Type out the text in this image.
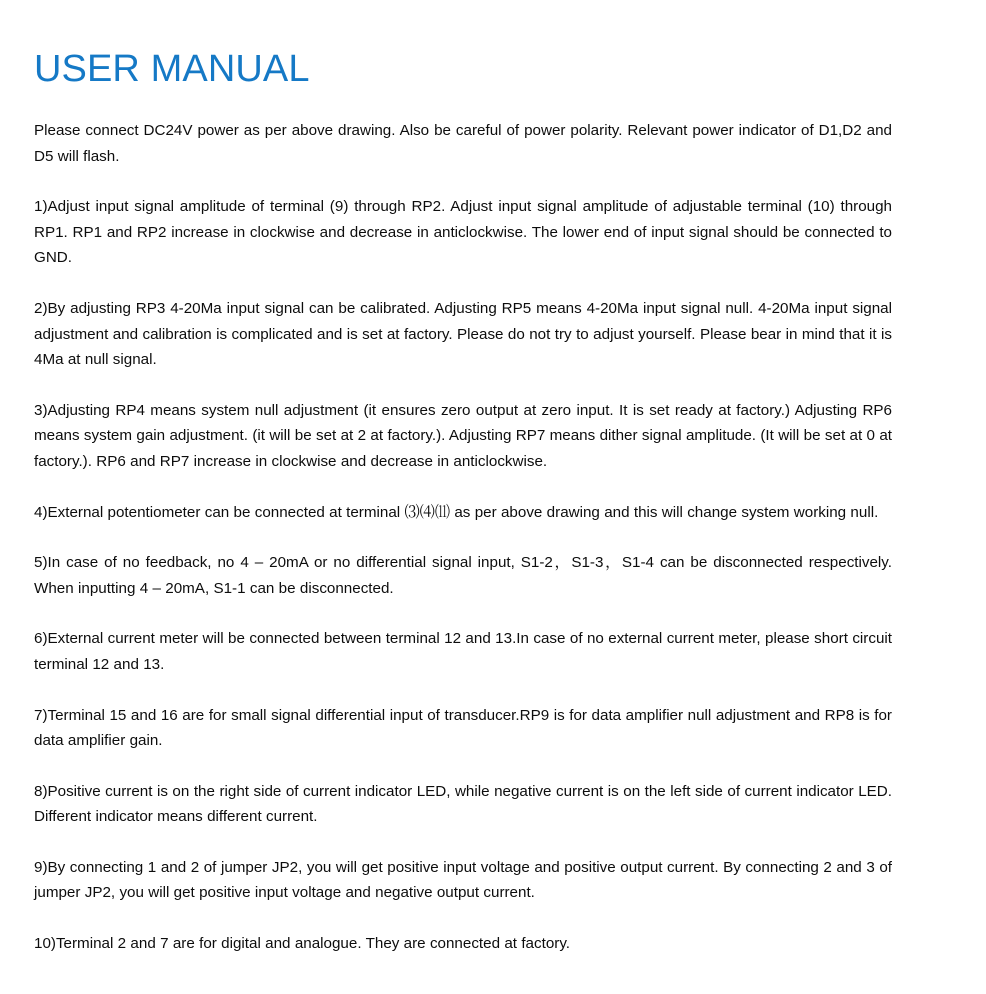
USER MANUAL

Please connect DC24V power as per above drawing. Also be careful of power polarity. Relevant power indicator of D1,D2 and D5 will flash.

1)Adjust input signal amplitude of terminal (9) through RP2. Adjust input signal amplitude of adjustable terminal (10) through RP1. RP1 and RP2 increase in clockwise and decrease in anticlockwise. The lower end of input signal should be connected to GND.

2)By adjusting RP3 4-20Ma input signal can be calibrated. Adjusting RP5 means 4-20Ma input signal null. 4-20Ma input signal adjustment and calibration is complicated and is set at factory. Please do not try to adjust yourself. Please bear in mind that it is 4Ma at null signal.

3)Adjusting RP4 means system null adjustment (it ensures zero output at zero input. It is set ready at factory.) Adjusting RP6 means system gain adjustment. (it will be set at 2 at factory.). Adjusting RP7 means dither signal amplitude. (It will be set at 0 at factory.). RP6 and RP7 increase in clockwise and decrease in anticlockwise.

4)External potentiometer can be connected at terminal ⑶⑷⑾ as per above drawing and this will change system working null.

5)In case of no feedback, no 4 – 20mA or no differential signal input, S1-2，S1-3，S1-4 can be disconnected respectively. When inputting 4 – 20mA, S1-1 can be disconnected.

6)External current meter will be connected between terminal 12 and 13.In case of no external current meter, please short circuit terminal 12 and 13.

7)Terminal 15 and 16 are for small signal differential input of transducer.RP9 is for data amplifier null adjustment and RP8 is for data amplifier gain.

8)Positive current is on the right side of current indicator LED, while negative current is on the left side of current indicator LED. Different indicator means different current.

9)By connecting 1 and 2 of jumper JP2, you will get positive input voltage and positive output current. By connecting 2 and 3 of jumper JP2, you will get positive input voltage and negative output current.

10)Terminal 2 and 7 are for digital and analogue. They are connected at factory.
